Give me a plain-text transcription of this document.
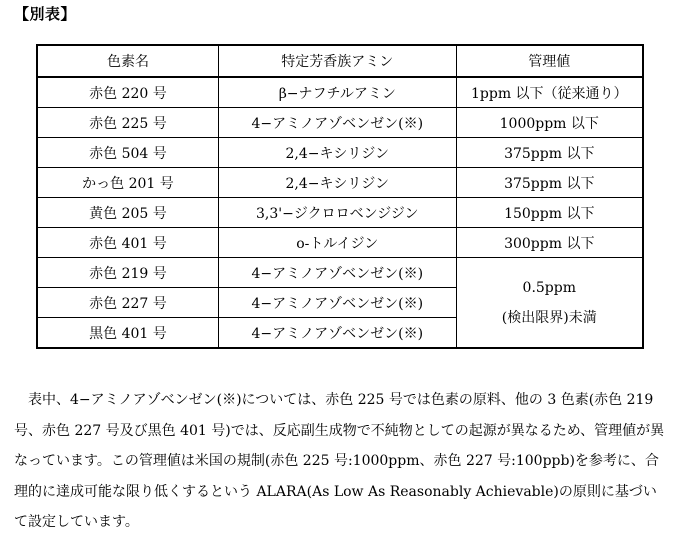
【別表】
色素名	特定芳香族アミン	管理値
赤色 220 号	β−ナフチルアミン	1ppm 以下（従来通り）
赤色 225 号	4−アミノアゾベンゼン(※)	1000ppm 以下
赤色 504 号	2,4−キシリジン	375ppm 以下
かっ色 201 号	2,4−キシリジン	375ppm 以下
黄色 205 号	3,3'−ジクロロベンジジン	150ppm 以下
赤色 401 号	o-トルイジン	300ppm 以下
赤色 219 号	4−アミノアゾベンゼン(※)	0.5ppm
(検出限界)未満

赤色 227 号	4−アミノアゾベンゼン(※)	
黒色 401 号	4−アミノアゾベンゼン(※)	

表中、4−アミノアゾベンゼン(※)については、赤色 225 号では色素の原料、他の 3 色素(赤色 219 号、赤色 227 号及び黒色 401 号)では、反応副生成物で不純物としての起源が異なるため、管理値が異なっています。この管理値は米国の規制(赤色 225 号:1000ppm、赤色 227 号:100ppb)を参考に、合理的に達成可能な限り低くするという ALARA(As Low As Reasonably Achievable)の原則に基づいて設定しています。
